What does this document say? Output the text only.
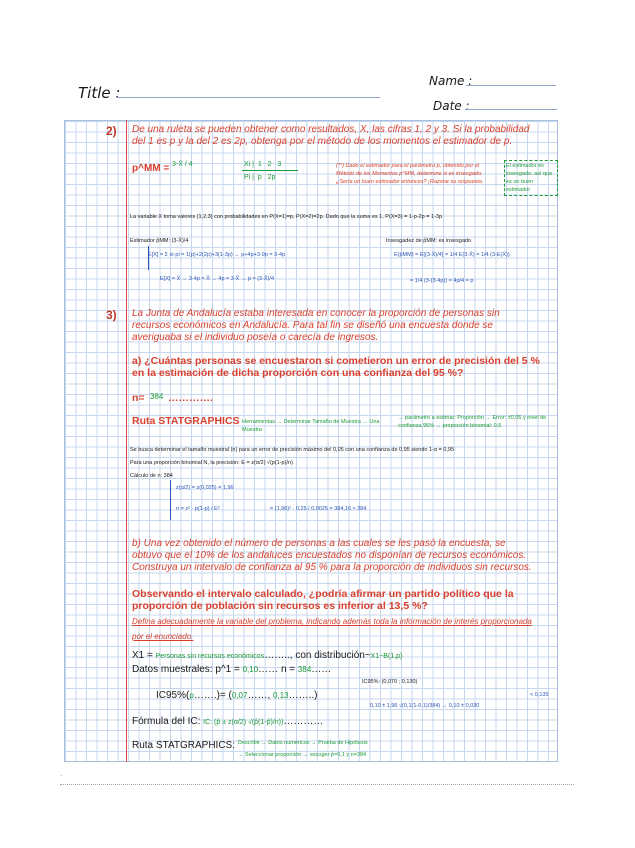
Title :
Name :
Date :
2) De una ruleta se pueden obtener como resultados, X, las cifras 1, 2 y 3. Si la probabilidad del 1 es p y la del 2 es 2p, obtenga por el método de los momentos el estimador de p.
p^MM = 3-X̄ / 4	Xi |  1 2 3
Pi |  p 2p
(**) Dado el estimador para el parámetro p, obtenido por el Método de los Momentos p^MM, determine si es insesgado. ¿Sería un buen estimador entonces? ¡Razone su respuesta.
El estimador es insesgado, así que es un buen estimador
La variable X toma valores {1,2,3} con probabilidades en P(X=1)=p, P(X=2)=2p. Dado que la suma es 1, P(X=3) = 1-p-2p = 1-3p
Estimador p̂MM: (3-X̄)/4
E[X] = Σ xi·pi = 1(p)+2(2p)+3(1-3p) → p+4p+3-9p = 3-4p
E[X] = X̄ → 3-4p = X̄ → 4p = 3-X̄ → p = (3-X̄)/4
Insesgadez de p̂MM: es insesgado
E(p̂MM) = E[(3-X̄)/4] = 1/4 E(3-X̄) = 1/4 (3-E(X̄))
= 1/4 (3-(3-4p)) = 4p/4 = p
3) La Junta de Andalucía estaba interesada en conocer la proporción de personas sin recursos económicos en Andalucía. Para tal fin se diseñó una encuesta donde se averiguaba si el individuo poseía o carecía de ingresos.
a) ¿Cuántas personas se encuestaron si cometieron un error de precisión del 5 % en la estimación de dicha proporción con una confianza del 95 %?
n= 384 ………….
Ruta STATGRAPHICS Herramientas → Determinar Tamaño de Muestra → Una Muestra
→ parámetro a estimar: Proporción → Error: ±0,05 y nivel de confianza 95% → proporción binomial: 0,5
Se busca determinar el tamaño muestral (n) para un error de precisión máximo del 0,05 con una confianza de 0,95 siendo 1-α = 0,95
Para una proporción binomial N, la precisión: E = z(α/2) √(p(1-p)/n)
Cálculo de n: 384
z(α/2) = z(0,025) = 1,96
n = z² · p(1-p) / E²	= (1,96)² · 0,25 / 0,0025 = 384,16 ≈ 384
b) Una vez obtenido el número de personas a las cuales se les pasó la encuesta, se obtuvo que el 10% de los andaluces encuestados no disponían de recursos económicos. Construya un intervalo de confianza al 95 % para la proporción de individuos sin recursos.
Observando el intervalo calculado, ¿podría afirmar un partido político que la proporción de población sin recursos es inferior al 13,5 %?
Defina adecuadamente la variable del problema, indicando además toda la información de interés proporcionada por el enunciado.
X1 = Personas sin recursos económicos…….., con distribución~X1~B(1,p)
Datos muestrales: p^1 = 0,10…… n = 384……
IC95%(p…….)= (0,07……, 0,13……..)
IC95%: (0,070 ; 0,130)
0,10 ± 1,96 √(0,1(1-0,1)/384) → 0,10 ± 0,030
< 0,135
Fórmula del IC: IC: (p̂ ± z(α/2) √(p̂(1-p̂)/n))…………
Ruta STATGRAPHICS: Describir → Datos numéricos → Prueba de Hipótesis
→ Seleccionar proporción → escoger p̂=0,1 y n=384
·
